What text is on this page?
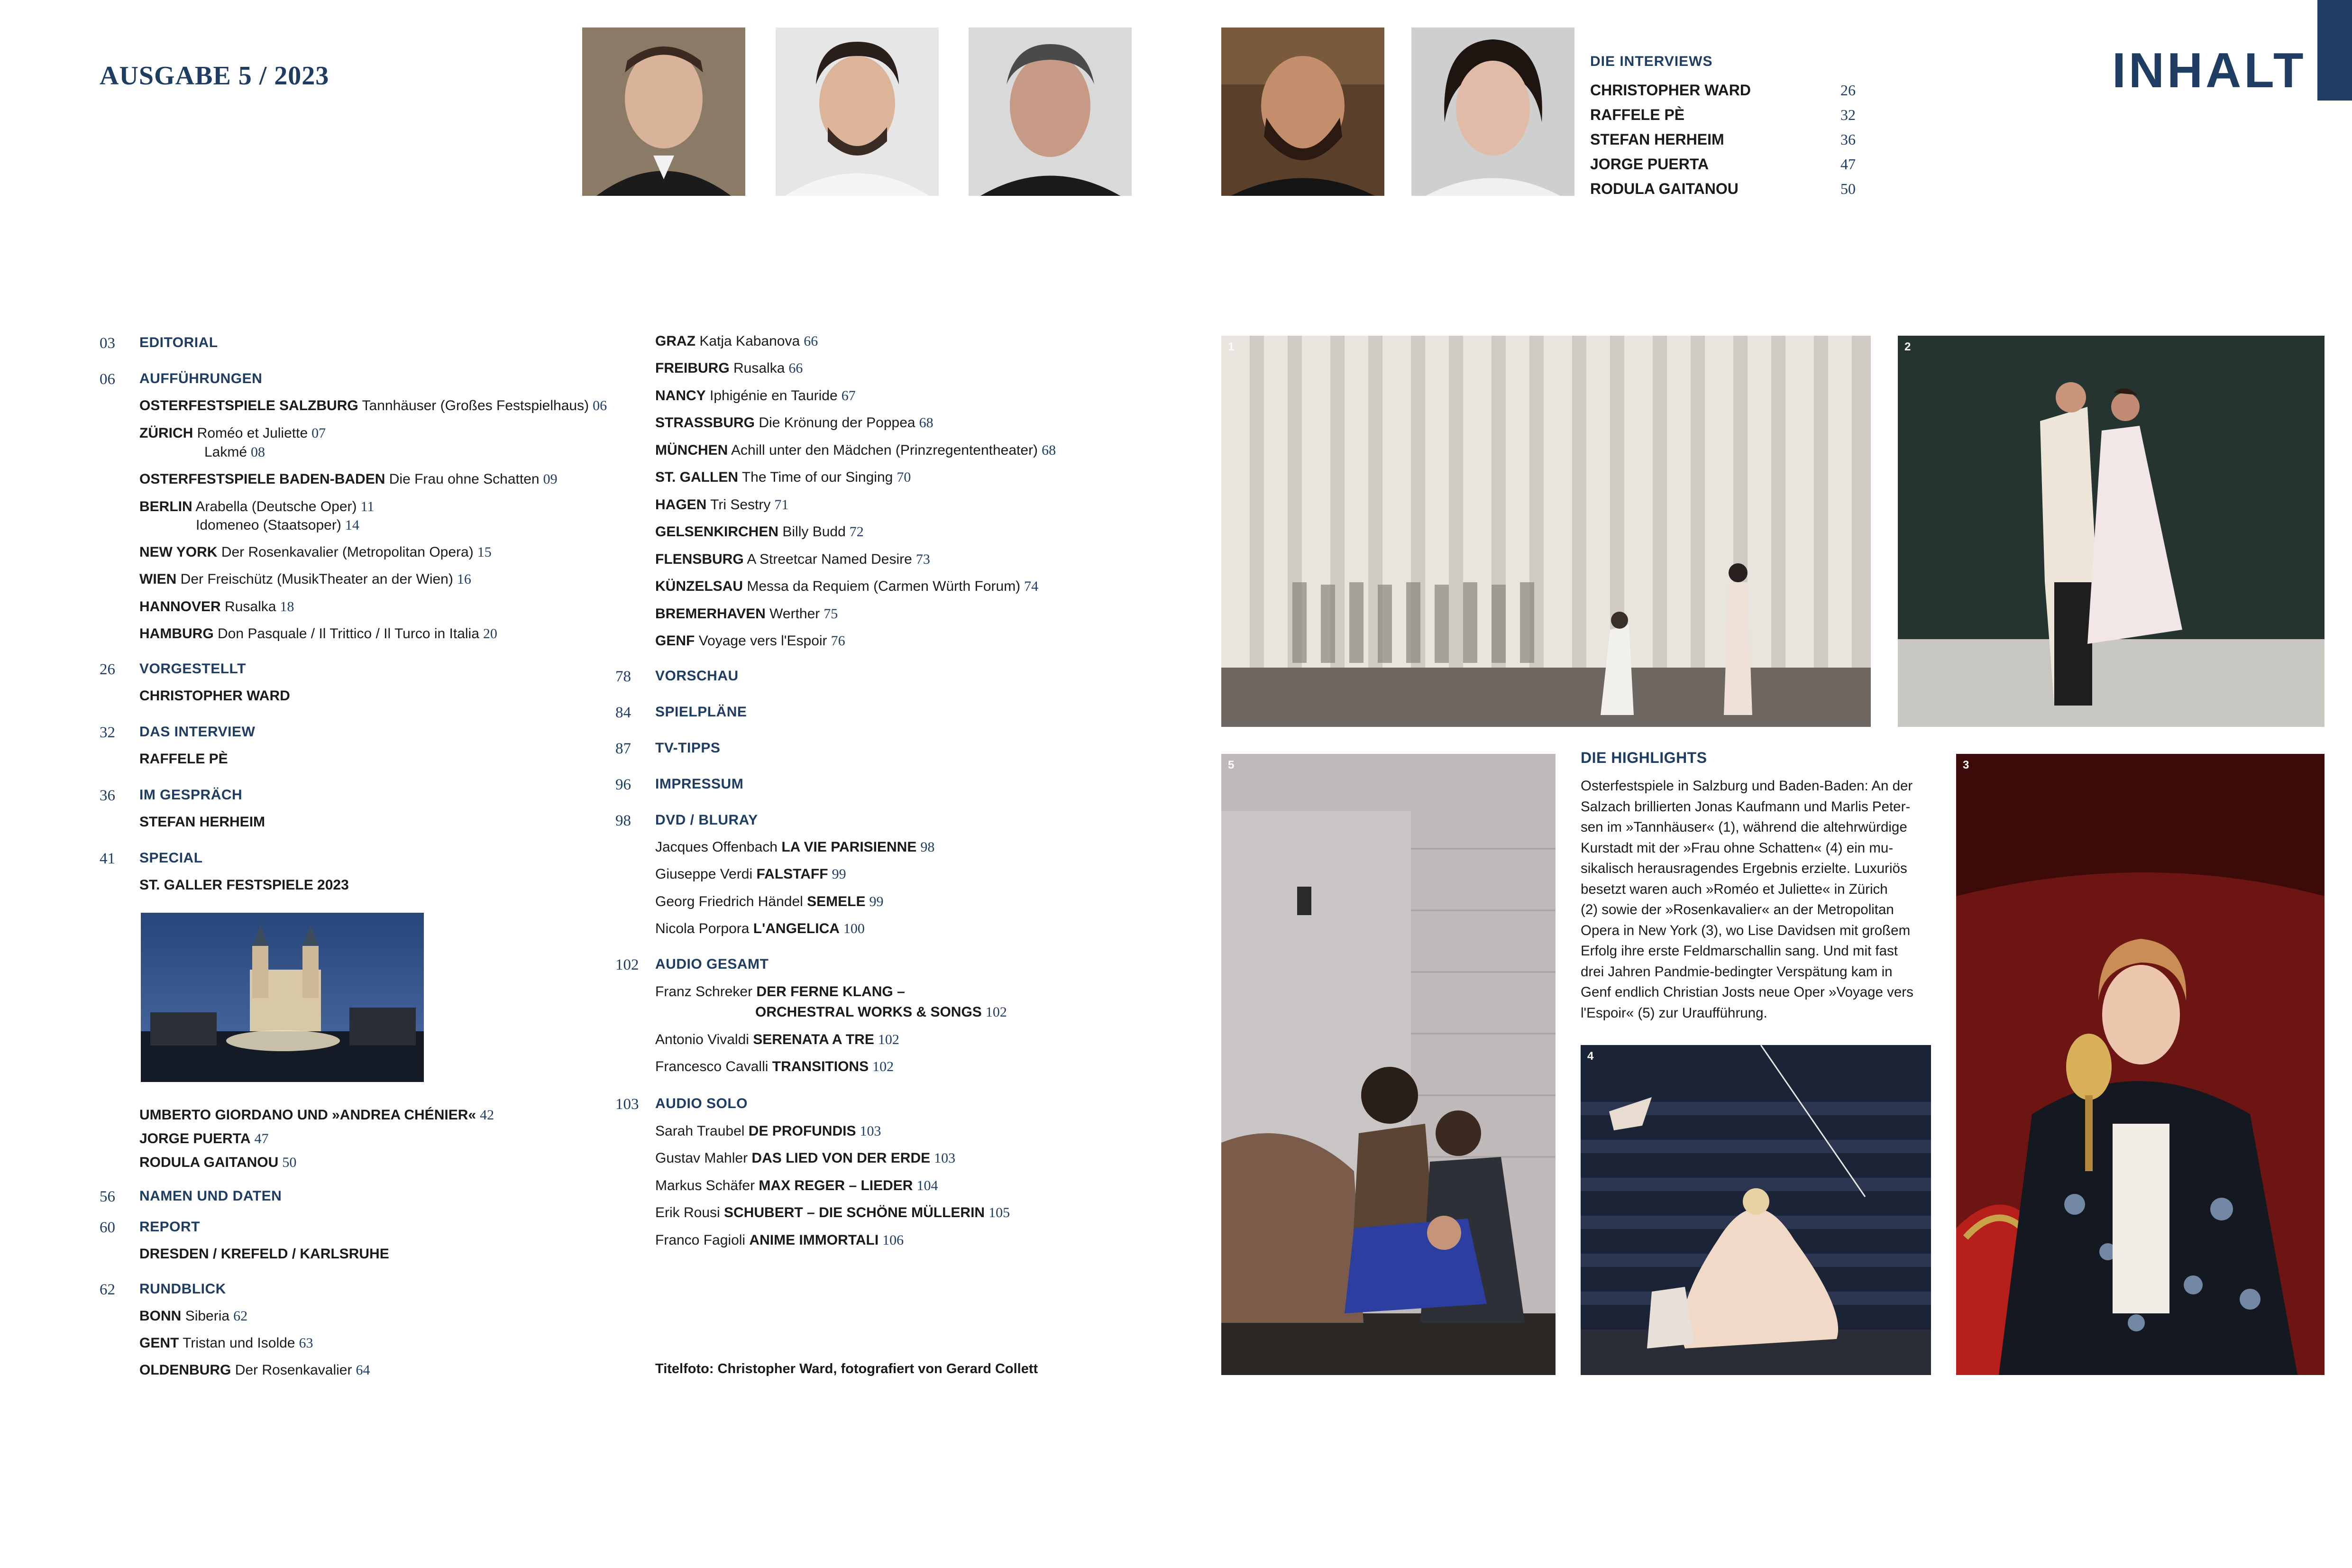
AUSGABE 5 / 2023	INHALT
DIE INTERVIEWS
CHRISTOPHER WARD	26
RAFFELE PÈ	32
STEFAN HERHEIM	36
JORGE PUERTA	47
RODULA GAITANOU	50
03	EDITORIAL
06	AUFFÜHRUNGEN
OSTERFESTSPIELE SALZBURG Tannhäuser (Großes Festspielhaus) 06
ZÜRICH Roméo et Juliette 07
Lakmé 08
OSTERFESTSPIELE BADEN-BADEN Die Frau ohne Schatten 09
BERLIN Arabella (Deutsche Oper) 11
Idomeneo (Staatsoper) 14
NEW YORK Der Rosenkavalier (Metropolitan Opera) 15
WIEN Der Freischütz (MusikTheater an der Wien) 16
HANNOVER Rusalka 18
HAMBURG Don Pasquale / Il Trittico / Il Turco in Italia 20
26	VORGESTELLT
CHRISTOPHER WARD
32	DAS INTERVIEW
RAFFELE PÈ
36	IM GESPRÄCH
STEFAN HERHEIM
41	SPECIAL
ST. GALLER FESTSPIELE 2023
UMBERTO GIORDANO UND »ANDREA CHÉNIER« 42
JORGE PUERTA 47
RODULA GAITANOU 50
56	NAMEN UND DATEN
60	REPORT
DRESDEN / KREFELD / KARLSRUHE
62	RUNDBLICK
BONN Siberia 62
GENT Tristan und Isolde 63
OLDENBURG Der Rosenkavalier 64
GRAZ Katja Kabanova 66
FREIBURG Rusalka 66
NANCY Iphigénie en Tauride 67
STRASSBURG Die Krönung der Poppea 68
MÜNCHEN Achill unter den Mädchen (Prinzregententheater) 68
ST. GALLEN The Time of our Singing 70
HAGEN Tri Sestry 71
GELSENKIRCHEN Billy Budd 72
FLENSBURG A Streetcar Named Desire 73
KÜNZELSAU Messa da Requiem (Carmen Würth Forum) 74
BREMERHAVEN Werther 75
GENF Voyage vers l'Espoir 76
78	VORSCHAU
84	SPIELPLÄNE
87	TV-TIPPS
96	IMPRESSUM
98	DVD / BLURAY
Jacques Offenbach LA VIE PARISIENNE 98
Giuseppe Verdi FALSTAFF 99
Georg Friedrich Händel SEMELE 99
Nicola Porpora L'ANGELICA 100
102	AUDIO GESAMT
Franz Schreker DER FERNE KLANG –
ORCHESTRAL WORKS & SONGS 102
Antonio Vivaldi SERENATA A TRE 102
Francesco Cavalli TRANSITIONS 102
103	AUDIO SOLO
Sarah Traubel DE PROFUNDIS 103
Gustav Mahler DAS LIED VON DER ERDE 103
Markus Schäfer MAX REGER – LIEDER 104
Erik Rousi SCHUBERT – DIE SCHÖNE MÜLLERIN 105
Franco Fagioli ANIME IMMORTALI 106
Titelfoto: Christopher Ward, fotografiert von Gerard Collett
1	2
5
4
3
DIE HIGHLIGHTS
Osterfestspiele in Salzburg und Baden-Baden: An der
Salzach brillierten Jonas Kaufmann und Marlis Peter-
sen im »Tannhäuser« (1), während die altehrwürdige
Kurstadt mit der »Frau ohne Schatten« (4) ein mu-
sikalisch herausragendes Ergebnis erzielte. Luxuriös
besetzt waren auch »Roméo et Juliette« in Zürich
(2) sowie der »Rosenkavalier« an der Metropolitan
Opera in New York (3), wo Lise Davidsen mit großem
Erfolg ihre erste Feldmarschallin sang. Und mit fast
drei Jahren Pandmie-bedingter Verspätung kam in
Genf endlich Christian Josts neue Oper »Voyage vers
l'Espoir« (5) zur Uraufführung.
